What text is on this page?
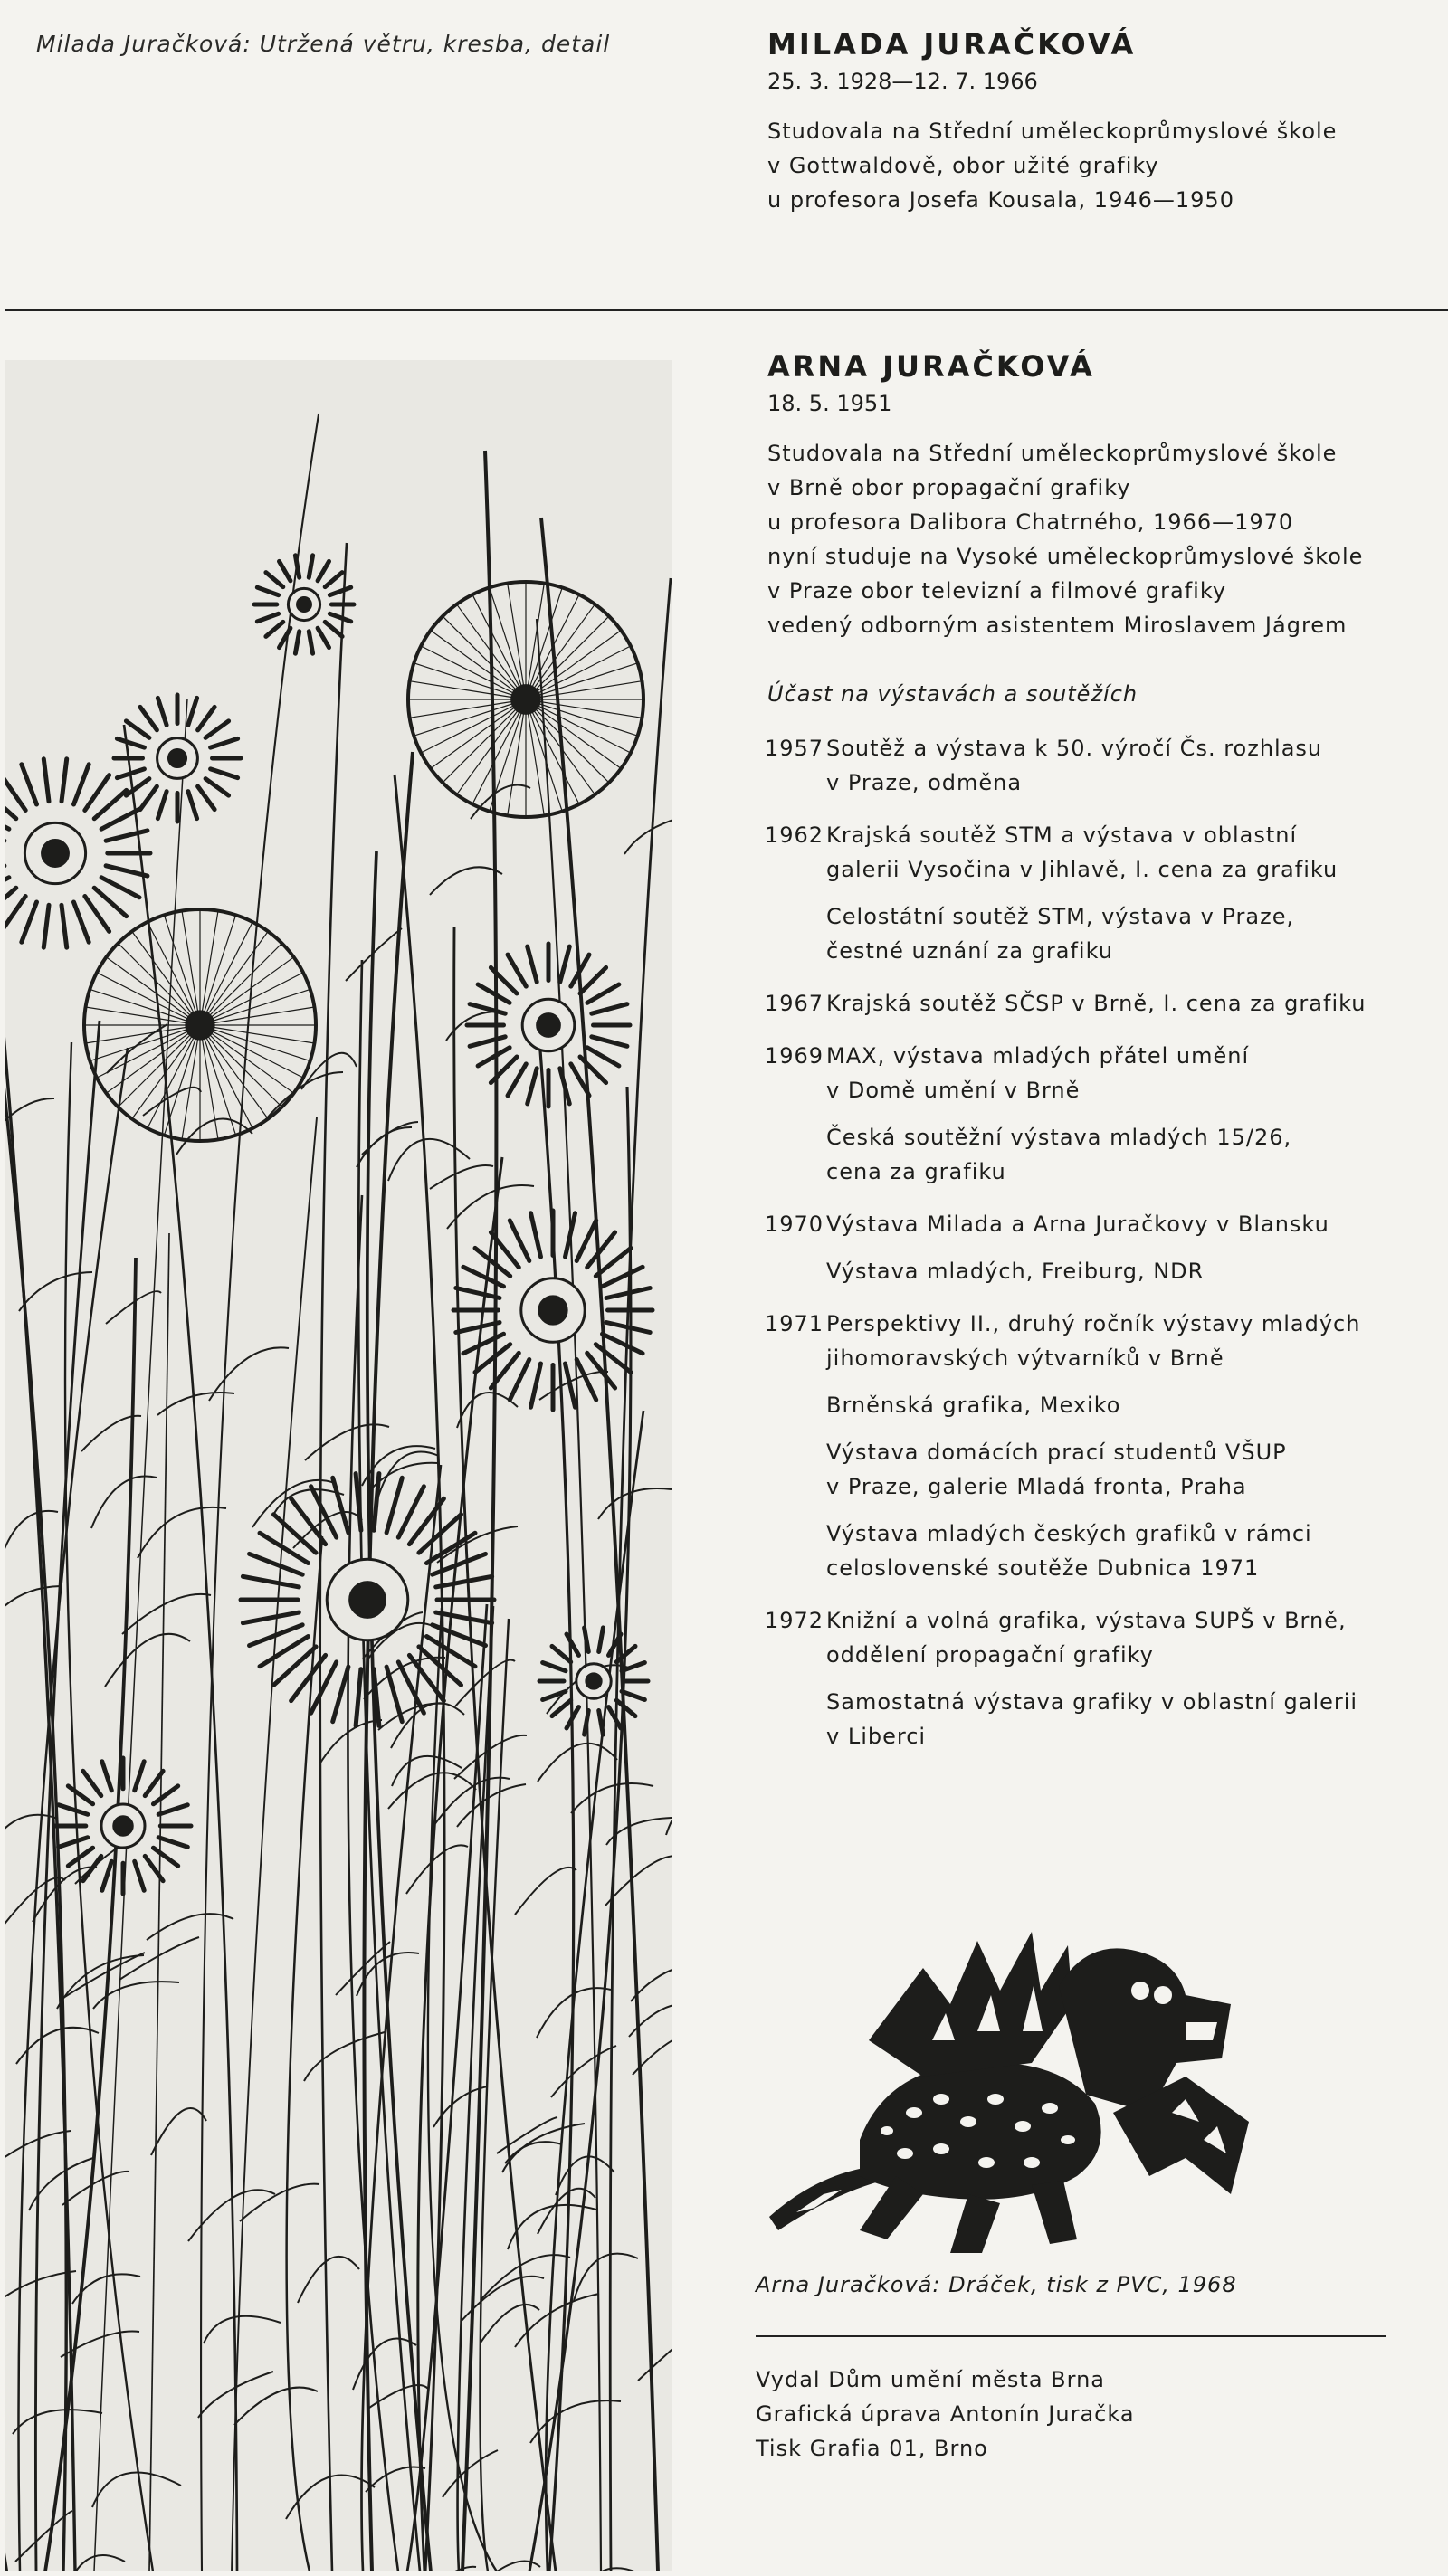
Milada Juračková: Utržená větru, kresba, detail	MILADA JURAČKOVÁ
25. 3. 1928—12. 7. 1966
Studovala na Střední uměleckoprůmyslové škole
v Gottwaldově, obor užité grafiky
u profesora Josefa Kousala, 1946—1950
ARNA JURAČKOVÁ
18. 5. 1951
Studovala na Střední uměleckoprůmyslové škole
v Brně obor propagační grafiky
u profesora Dalibora Chatrného, 1966—1970
nyní studuje na Vysoké uměleckoprůmyslové škole
v Praze obor televizní a filmové grafiky
vedený odborným asistentem Miroslavem Jágrem
Účast na výstavách a soutěžích
1957 Soutěž a výstava k 50. výročí Čs. rozhlasu
v Praze, odměna
1962 Krajská soutěž STM a výstava v oblastní
galerii Vysočina v Jihlavě, I. cena za grafiku
Celostátní soutěž STM, výstava v Praze,
čestné uznání za grafiku
1967 Krajská soutěž SČSP v Brně, I. cena za grafiku
1969 MAX, výstava mladých přátel umění
v Domě umění v Brně
Česká soutěžní výstava mladých 15/26,
cena za grafiku
1970 Výstava Milada a Arna Juračkovy v Blansku
Výstava mladých, Freiburg, NDR
1971 Perspektivy II., druhý ročník výstavy mladých
jihomoravských výtvarníků v Brně
Brněnská grafika, Mexiko
Výstava domácích prací studentů VŠUP
v Praze, galerie Mladá fronta, Praha
Výstava mladých českých grafiků v rámci
celoslovenské soutěže Dubnica 1971
1972 Knižní a volná grafika, výstava SUPŠ v Brně,
oddělení propagační grafiky
Samostatná výstava grafiky v oblastní galerii
v Liberci
Arna Juračková: Dráček, tisk z PVC, 1968
Vydal Dům umění města Brna
Grafická úprava Antonín Juračka
Tisk Grafia 01, Brno
